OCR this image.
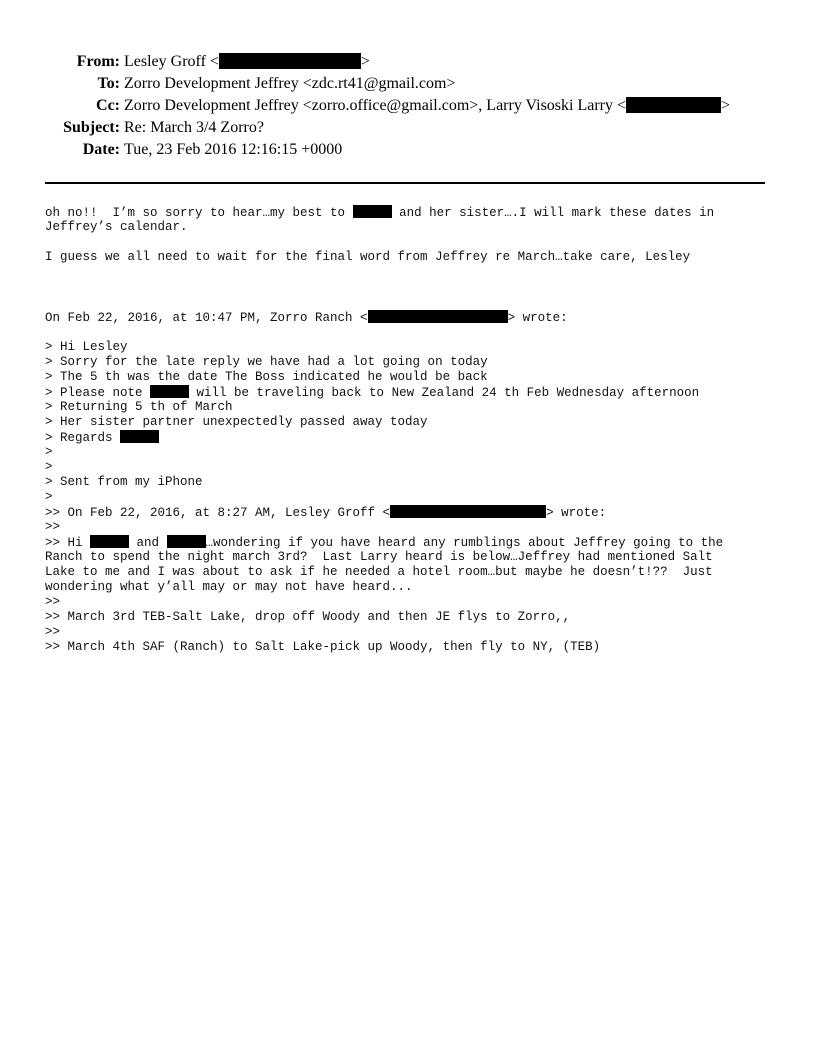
From: Lesley Groff <	>
To: Zorro Development Jeffrey <zdc.rt41@gmail.com>
Cc: Zorro Development Jeffrey <zorro.office@gmail.com>, Larry Visoski Larry <	>
Subject: Re: March 3/4 Zorro?
Date: Tue, 23 Feb 2016 12:16:15 +0000
oh no!!  I’m so sorry to hear…my best to	and her sister….I will mark these dates in
Jeffrey’s calendar.
I guess we all need to wait for the final word from Jeffrey re March…take care, Lesley
On Feb 22, 2016, at 10:47 PM, Zorro Ranch <	> wrote:
> Hi Lesley
> Sorry for the late reply we have had a lot going on today
> The 5 th was the date The Boss indicated he would be back
> Please note	will be traveling back to New Zealand 24 th Feb Wednesday afternoon
> Returning 5 th of March
> Her sister partner unexpectedly passed away today
> Regards
>
>
> Sent from my iPhone
>
>> On Feb 22, 2016, at 8:27 AM, Lesley Groff <	> wrote:
>>
>> Hi	and	…wondering if you have heard any rumblings about Jeffrey going to the
Ranch to spend the night march 3rd?  Last Larry heard is below…Jeffrey had mentioned Salt
Lake to me and I was about to ask if he needed a hotel room…but maybe he doesn’t!??  Just
wondering what y’all may or may not have heard...
>>
>> March 3rd TEB-Salt Lake, drop off Woody and then JE flys to Zorro,,
>>
>> March 4th SAF (Ranch) to Salt Lake-pick up Woody, then fly to NY, (TEB)
